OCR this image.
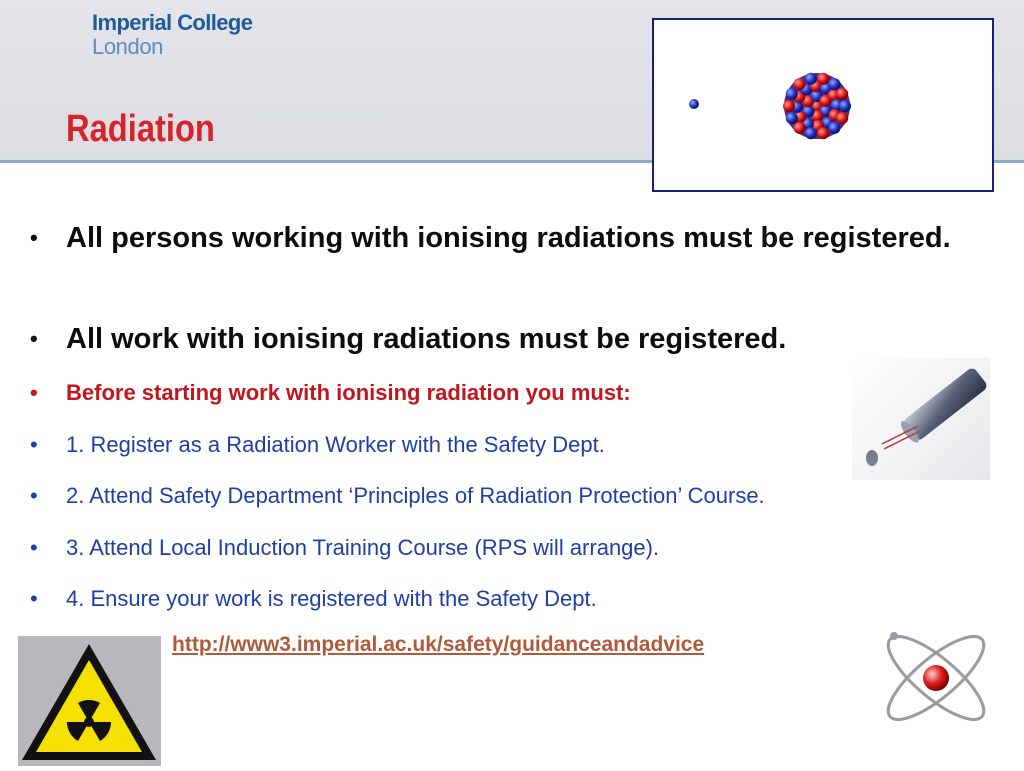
Imperial College
London
Radiation

• All persons working with ionising radiations must be registered.

• All work with ionising radiations must be registered.

• Before starting work with ionising radiation you must:

• 1. Register as a Radiation Worker with the Safety Dept.

• 2. Attend Safety Department ‘Principles of Radiation Protection’ Course.

• 3. Attend Local Induction Training Course (RPS will arrange).

• 4. Ensure your work is registered with the Safety Dept.

http://www3.imperial.ac.uk/safety/guidanceandadvice
